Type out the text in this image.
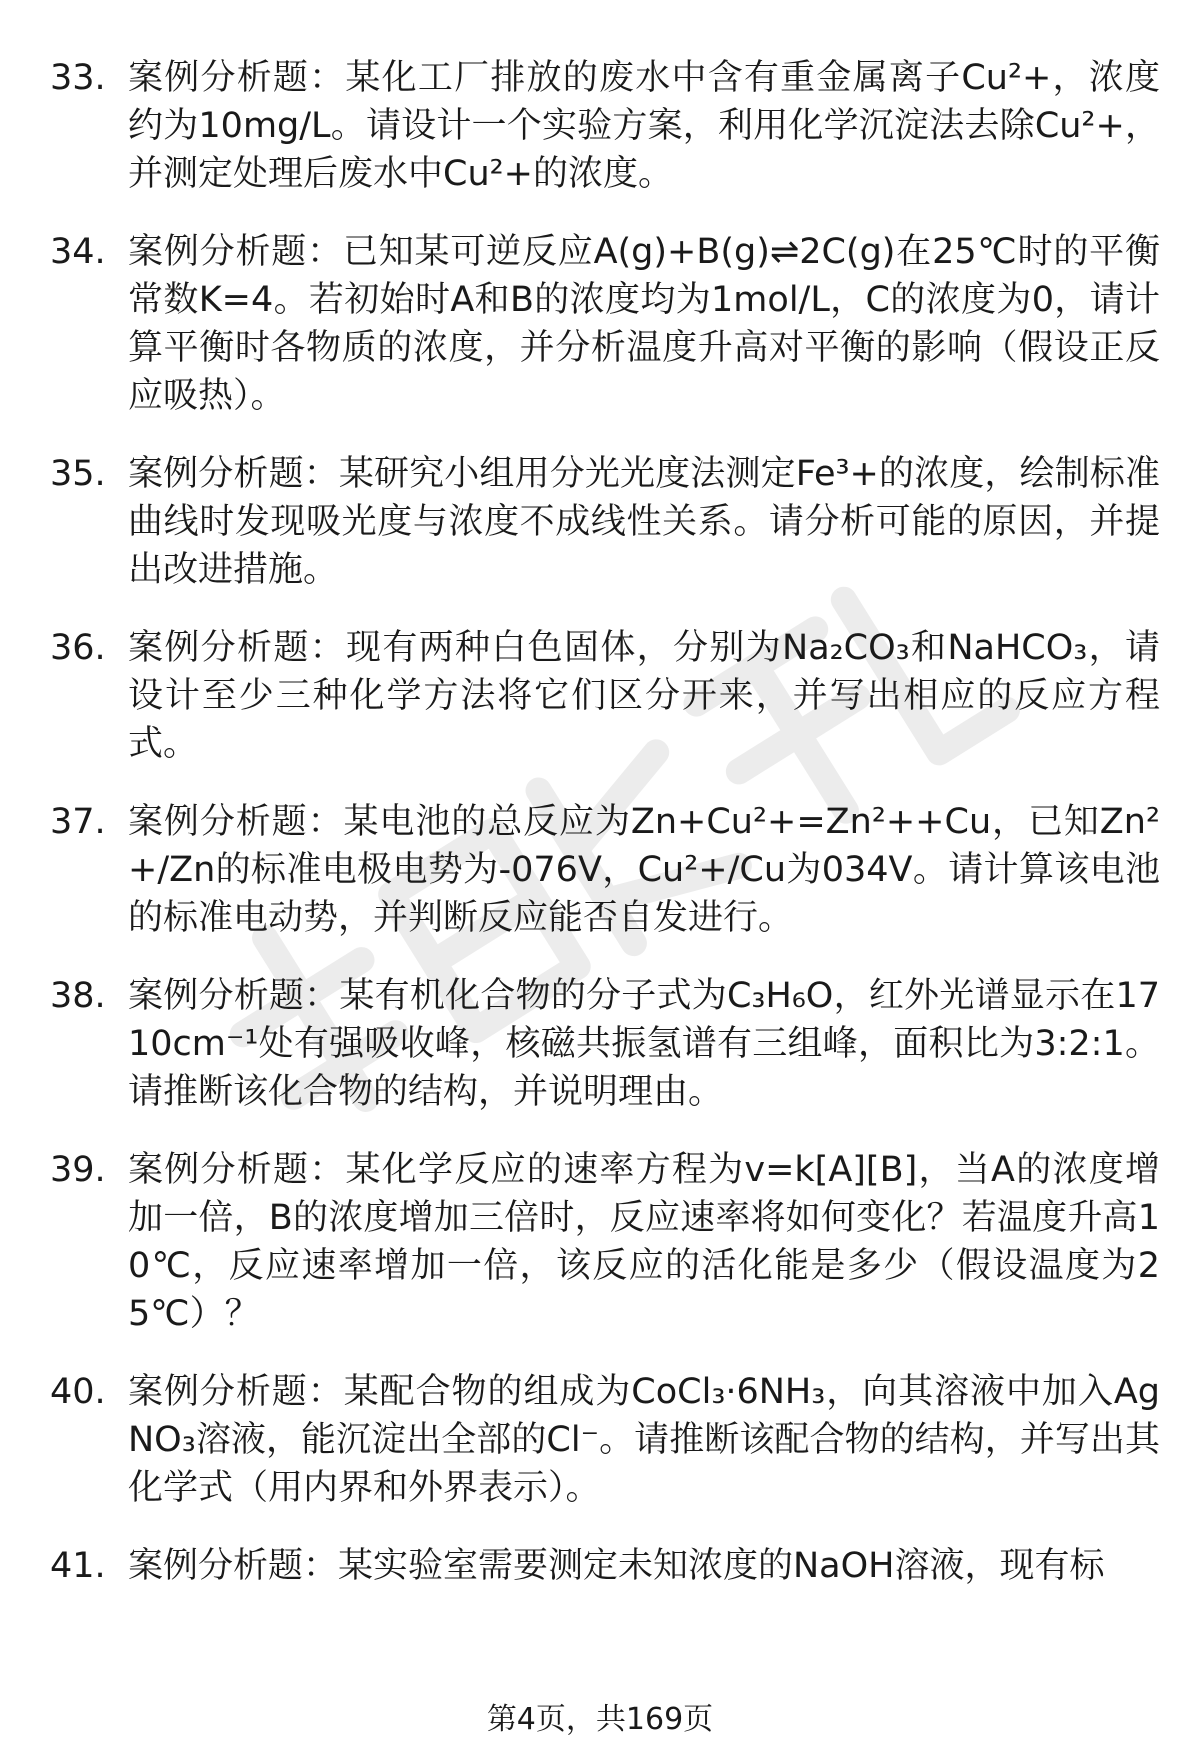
33. 案例分析题：某化工厂排放的废水中含有重金属离子Cu²+，浓度约为10mg/L。请设计一个实验方案，利用化学沉淀法去除Cu²+，并测定处理后废水中Cu²+的浓度。
34. 案例分析题：已知某可逆反应A(g)+B(g)⇌2C(g)在25℃时的平衡常数K=4。若初始时A和B的浓度均为1mol/L，C的浓度为0，请计算平衡时各物质的浓度，并分析温度升高对平衡的影响（假设正反应吸热）。
35. 案例分析题：某研究小组用分光光度法测定Fe³+的浓度，绘制标准曲线时发现吸光度与浓度不成线性关系。请分析可能的原因，并提出改进措施。
36. 案例分析题：现有两种白色固体，分别为Na₂CO₃和NaHCO₃，请设计至少三种化学方法将它们区分开来，并写出相应的反应方程式。
37. 案例分析题：某电池的总反应为Zn+Cu²+=Zn²++Cu，已知Zn²+/Zn的标准电极电势为-076V，Cu²+/Cu为034V。请计算该电池的标准电动势，并判断反应能否自发进行。
38. 案例分析题：某有机化合物的分子式为C₃H₆O，红外光谱显示在1710cm⁻¹处有强吸收峰，核磁共振氢谱有三组峰，面积比为3:2:1。请推断该化合物的结构，并说明理由。
39. 案例分析题：某化学反应的速率方程为v=k[A][B]，当A的浓度增加一倍，B的浓度增加三倍时，反应速率将如何变化？若温度升高10℃，反应速率增加一倍，该反应的活化能是多少（假设温度为25℃）？
40. 案例分析题：某配合物的组成为CoCl₃·6NH₃，向其溶液中加入AgNO₃溶液，能沉淀出全部的Cl⁻。请推断该配合物的结构，并写出其化学式（用内界和外界表示）。
41. 案例分析题：某实验室需要测定未知浓度的NaOH溶液，现有标
第4页，共169页
